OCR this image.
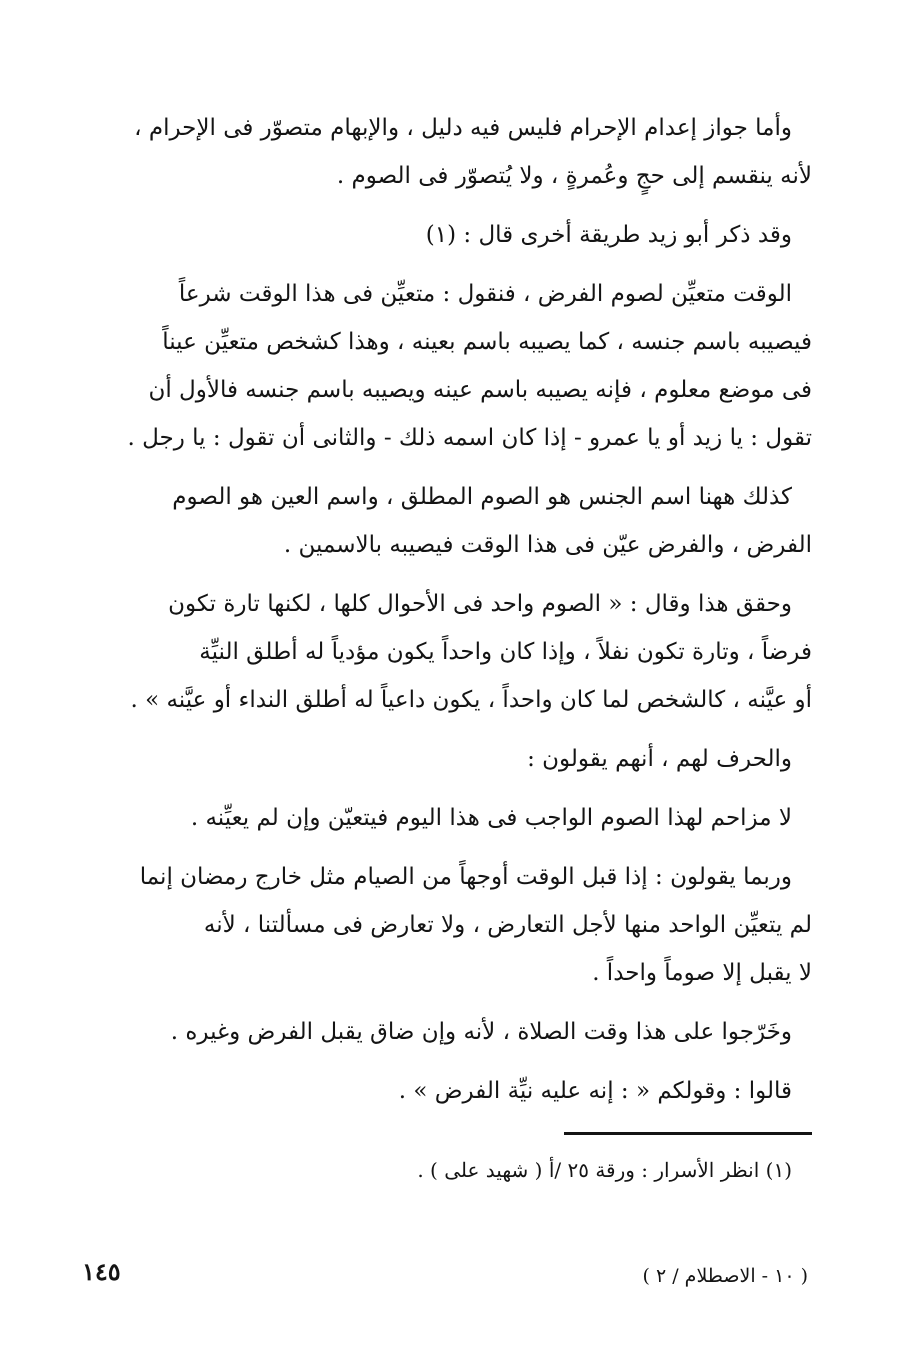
وأما جواز إعدام الإحرام فليس فيه دليل ، والإبهام متصوّر فى الإحرام ،
لأنه ينقسم إلى حجٍ وعُمرةٍ ، ولا يُتصوّر فى الصوم .

وقد ذكر أبو زيد طريقة أخرى قال : (١)

الوقت متعيِّن لصوم الفرض ، فنقول : متعيِّن فى هذا الوقت شرعاً
فيصيبه باسم جنسه ، كما يصيبه باسم بعينه ، وهذا كشخص متعيِّن عيناً
فى موضع معلوم ، فإنه يصيبه باسم عينه ويصيبه باسم جنسه فالأول أن
تقول : يا زيد أو يا عمرو - إذا كان اسمه ذلك - والثانى أن تقول : يا رجل .

كذلك ههنا اسم الجنس هو الصوم المطلق ، واسم العين هو الصوم
الفرض ، والفرض عيّن فى هذا الوقت فيصيبه بالاسمين .

وحقق هذا وقال : « الصوم واحد فى الأحوال كلها ، لكنها تارة تكون
فرضاً ، وتارة تكون نفلاً ، وإذا كان واحداً يكون مؤدياً له أطلق النيِّة
أو عيَّنه ، كالشخص لما كان واحداً ، يكون داعياً له أطلق النداء أو عيَّنه » .

والحرف لهم ، أنهم يقولون :

لا مزاحم لهذا الصوم الواجب فى هذا اليوم فيتعيّن وإن لم يعيِّنه .

وربما يقولون : إذا قبل الوقت أوجهاً من الصيام مثل خارج رمضان إنما
لم يتعيِّن الواحد منها لأجل التعارض ، ولا تعارض فى مسألتنا ، لأنه
لا يقبل إلا صوماً واحداً .

وخَرّجوا على هذا وقت الصلاة ، لأنه وإن ضاق يقبل الفرض وغيره .

قالوا : وقولكم « : إنه عليه نيِّة الفرض » .

(١) انظر الأسرار : ورقة ٢٥ /أ ( شهيد على ) .
١٤٥	( ١٠ - الاصطلام / ٢ )
